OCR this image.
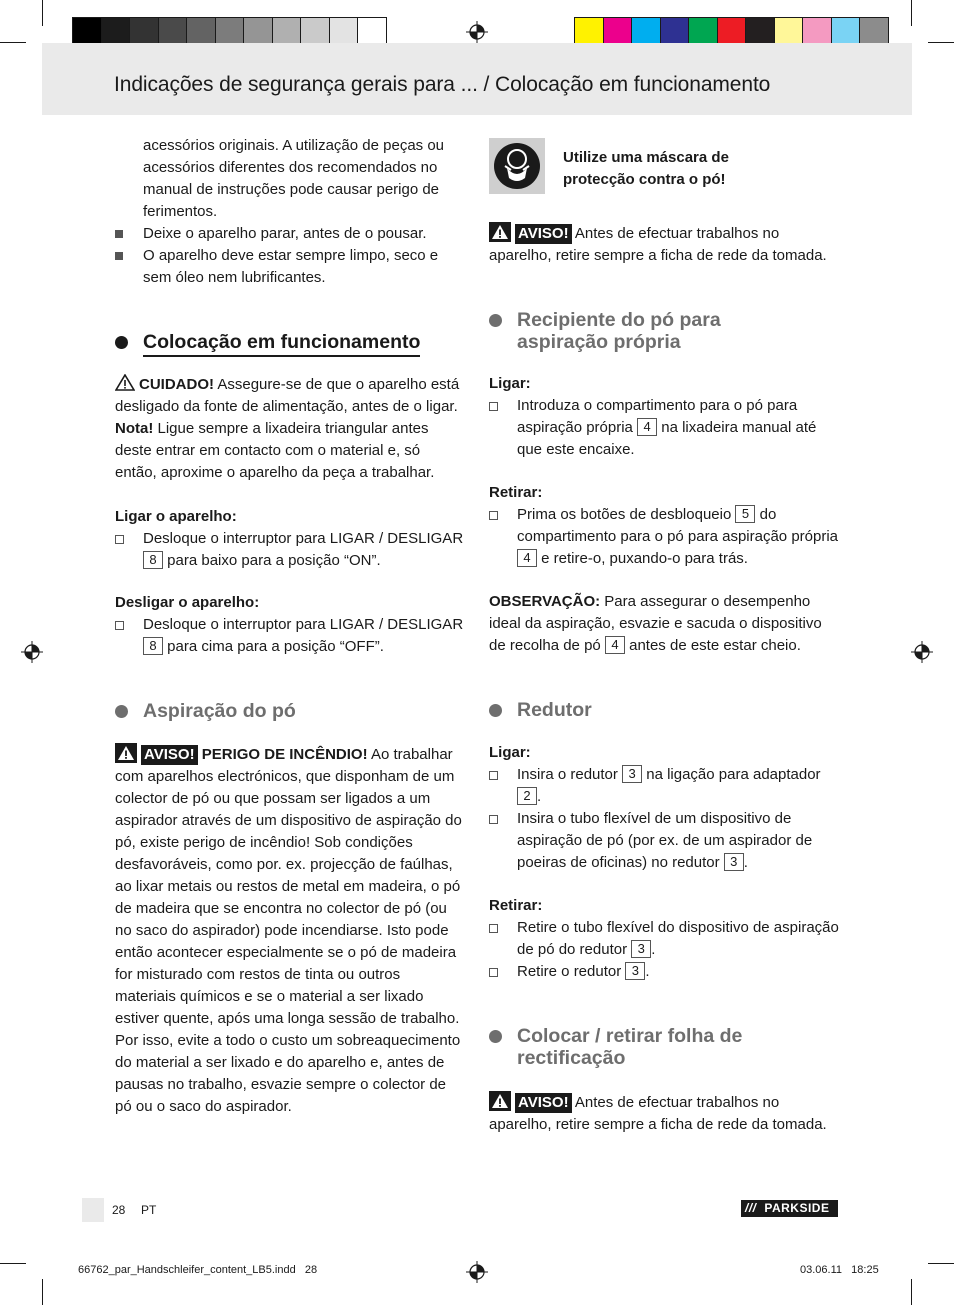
Indicações de segurança gerais para ... / Colocação em funcionamento

acessórios originais. A utilização de peças ou acessórios diferentes dos recomendados no manual de instruções pode causar perigo de ferimentos.

Deixe o aparelho parar, antes de o pousar.
O aparelho deve estar sempre limpo, seco e sem óleo nem lubrificantes.
Colocação em funcionamento

CUIDADO! Assegure-se de que o aparelho está desligado da fonte de alimentação, antes de o ligar.

Nota! Ligue sempre a lixadeira triangular antes deste entrar em contacto com o material e, só então, aproxime o aparelho da peça a trabalhar.

Ligar o aparelho:

Desloque o interruptor para LIGAR / DESLIGAR
8 para baixo para a posição “ON”.

Desligar o aparelho:

Desloque o interruptor para LIGAR / DESLIGAR
8 para cima para a posição “OFF”.
Aspiração do pó

AVISO! PERIGO DE INCÊNDIO! Ao trabalhar com aparelhos electrónicos, que disponham de um colector de pó ou que possam ser ligados a um aspirador através de um dispositivo de aspiração do pó, existe perigo de incêndio! Sob condições desfavoráveis, como por. ex. projecção de faúlhas, ao lixar metais ou restos de metal em madeira, o pó de madeira que se encontra no colector de pó (ou no saco do aspirador) pode incendiarse. Isto pode então acontecer especialmente se o pó de madeira for misturado com restos de tinta ou outros materiais químicos e se o material a ser lixado estiver quente, após uma longa sessão de trabalho. Por isso, evite a todo o custo um sobreaquecimento do material a ser lixado e do aparelho e, antes de pausas no trabalho, esvazie sempre o colector de pó ou o saco do aspirador.

Utilize uma máscara de protecção contra o pó!

AVISO! Antes de efectuar trabalhos no aparelho, retire sempre a ficha de rede da tomada.

Recipiente do pó para aspiração própria

Ligar:

Introduza o compartimento para o pó para aspiração própria 4 na lixadeira manual até que este encaixe.

Retirar:

Prima os botões de desbloqueio 5 do compartimento para o pó para aspiração própria 4 e retire-o, puxando-o para trás.

OBSERVAÇÃO: Para assegurar o desempenho ideal da aspiração, esvazie e sacuda o dispositivo de recolha de pó 4 antes de este estar cheio.

Redutor

Ligar:

Insira o redutor 3 na ligação para adaptador 2 .
Insira o tubo flexível de um dispositivo de aspiração de pó (por ex. de um aspirador de poeiras de oficinas) no redutor 3 .

Retirar:

Retire o tubo flexível do dispositivo de aspiração de pó do redutor 3 .
Retire o redutor 3 .
Colocar / retirar folha de rectificação

AVISO! Antes de efectuar trabalhos no aparelho, retire sempre a ficha de rede da tomada.

28 PT	/// PARKSIDE
66762_par_Handschleifer_content_LB5.indd   28	03.06.11   18:25
